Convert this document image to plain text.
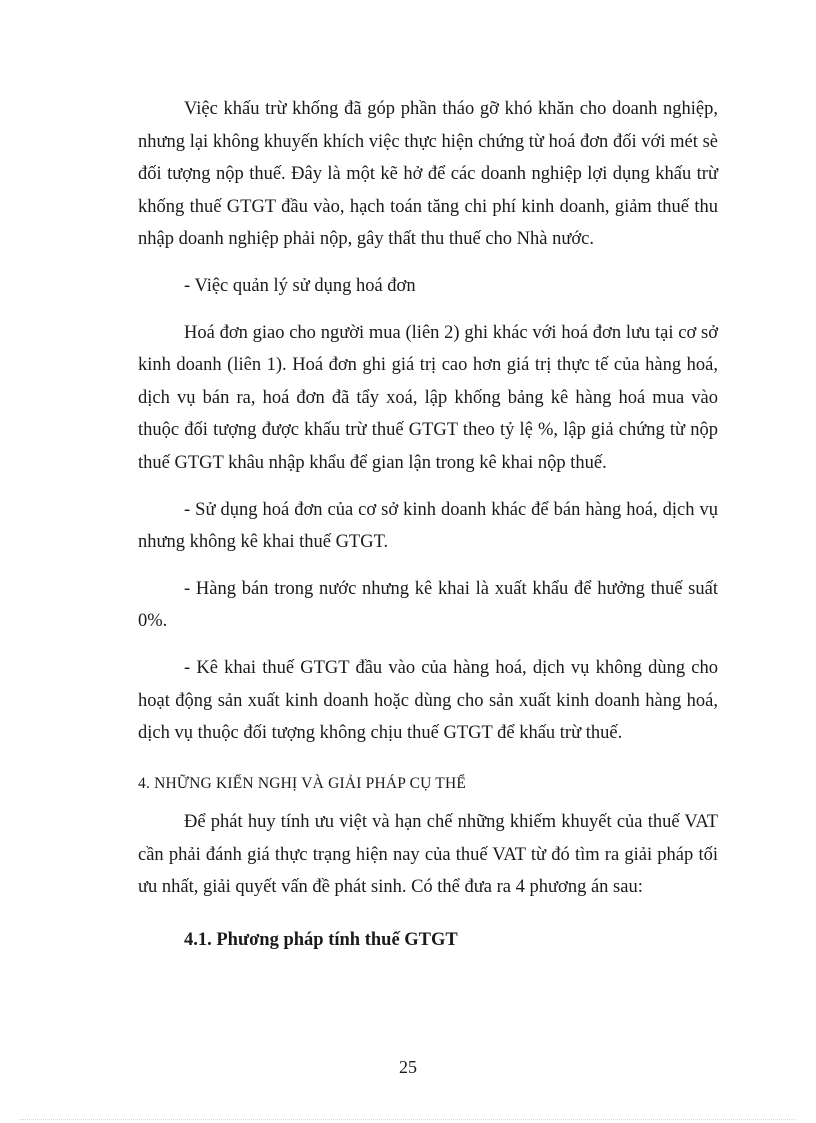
Việc khấu trừ khống đã góp phần tháo gỡ khó khăn cho doanh nghiệp, nhưng lại không khuyến khích việc thực hiện chứng từ hoá đơn đối với mét sè đối tượng nộp thuế. Đây là một kẽ hở để các doanh nghiệp lợi dụng khấu trừ khống thuế GTGT đầu vào, hạch toán tăng chi phí kinh doanh, giảm thuế thu nhập doanh nghiệp phải nộp, gây thất thu thuế cho Nhà nước.

- Việc quản lý sử dụng hoá đơn

Hoá đơn giao cho người mua (liên 2) ghi khác với hoá đơn lưu tại cơ sở kinh doanh (liên 1). Hoá đơn ghi giá trị cao hơn giá trị thực tế của hàng hoá, dịch vụ bán ra, hoá đơn đã tẩy xoá, lập khống bảng kê hàng hoá mua vào thuộc đối tượng được khấu trừ thuế GTGT theo tỷ lệ %, lập giả chứng từ nộp thuế GTGT khâu nhập khẩu để gian lận trong kê khai nộp thuế.

- Sử dụng hoá đơn của cơ sở kinh doanh khác để bán hàng hoá, dịch vụ nhưng không kê khai thuế GTGT.

- Hàng bán trong nước nhưng kê khai là xuất khẩu để hưởng thuế suất 0%.

- Kê khai thuế GTGT đầu vào của hàng hoá, dịch vụ không dùng cho hoạt động sản xuất kinh doanh hoặc dùng cho sản xuất kinh doanh hàng hoá, dịch vụ thuộc đối tượng không chịu thuế GTGT để khấu trừ thuế.

4. NHỮNG KIẾN NGHỊ VÀ GIẢI PHÁP CỤ THỂ

Để phát huy tính ưu việt và hạn chế những khiếm khuyết của thuế VAT cần phải đánh giá thực trạng hiện nay của thuế VAT từ đó tìm ra giải pháp tối ưu nhất, giải quyết vấn đề phát sinh. Có thể đưa ra 4 phương án sau:

4.1. Phương pháp tính thuế GTGT

25
